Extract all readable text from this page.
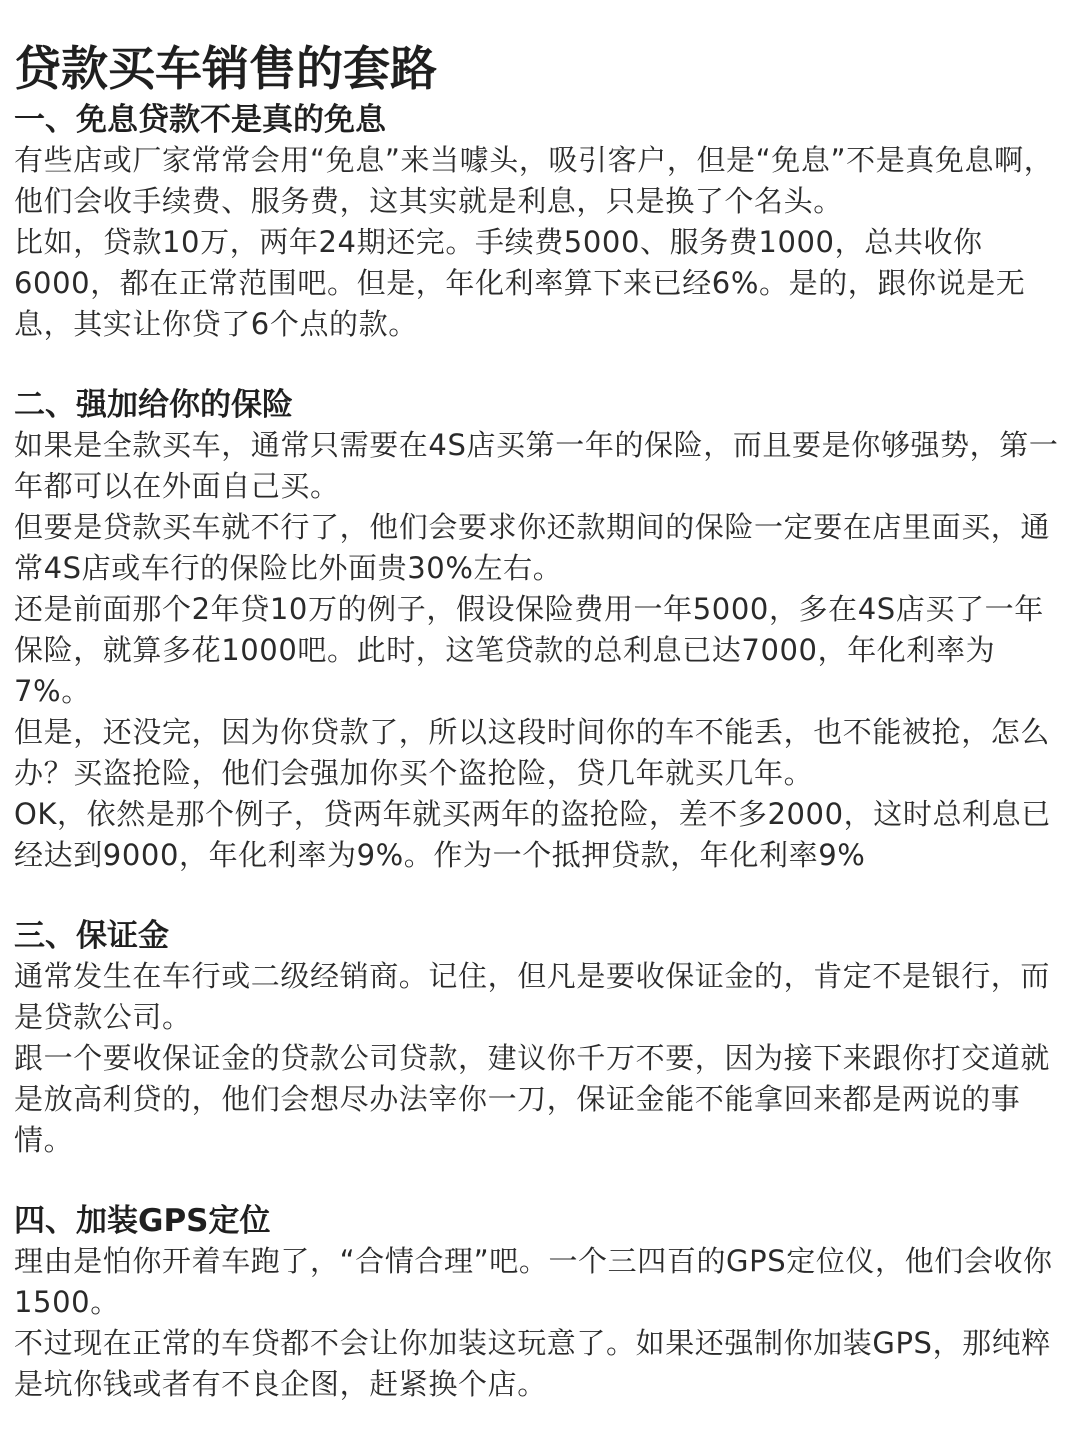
贷款买车销售的套路
一、免息贷款不是真的免息

有些店或厂家常常会用“免息”来当噱头，吸引客户，但是“免息”不是真免息啊，他们会收手续费、服务费，这其实就是利息，只是换了个名头。

比如，贷款10万，两年24期还完。手续费5000、服务费1000，总共收你6000，都在正常范围吧。但是，年化利率算下来已经6%。是的，跟你说是无息，其实让你贷了6个点的款。

二、强加给你的保险

如果是全款买车，通常只需要在4S店买第一年的保险，而且要是你够强势，第一年都可以在外面自己买。

但要是贷款买车就不行了，他们会要求你还款期间的保险一定要在店里面买，通常4S店或车行的保险比外面贵30%左右。

还是前面那个2年贷10万的例子，假设保险费用一年5000，多在4S店买了一年保险，就算多花1000吧。此时，这笔贷款的总利息已达7000，年化利率为7%。

但是，还没完，因为你贷款了，所以这段时间你的车不能丢，也不能被抢，怎么办？买盗抢险，他们会强加你买个盗抢险，贷几年就买几年。

OK，依然是那个例子，贷两年就买两年的盗抢险，差不多2000，这时总利息已经达到9000，年化利率为9%。作为一个抵押贷款，年化利率9%

三、保证金

通常发生在车行或二级经销商。记住，但凡是要收保证金的，肯定不是银行，而是贷款公司。

跟一个要收保证金的贷款公司贷款，建议你千万不要，因为接下来跟你打交道就是放高利贷的，他们会想尽办法宰你一刀，保证金能不能拿回来都是两说的事情。

四、加装GPS定位

理由是怕你开着车跑了，“合情合理”吧。一个三四百的GPS定位仪，他们会收你1500。

不过现在正常的车贷都不会让你加装这玩意了。如果还强制你加装GPS，那纯粹是坑你钱或者有不良企图，赶紧换个店。
